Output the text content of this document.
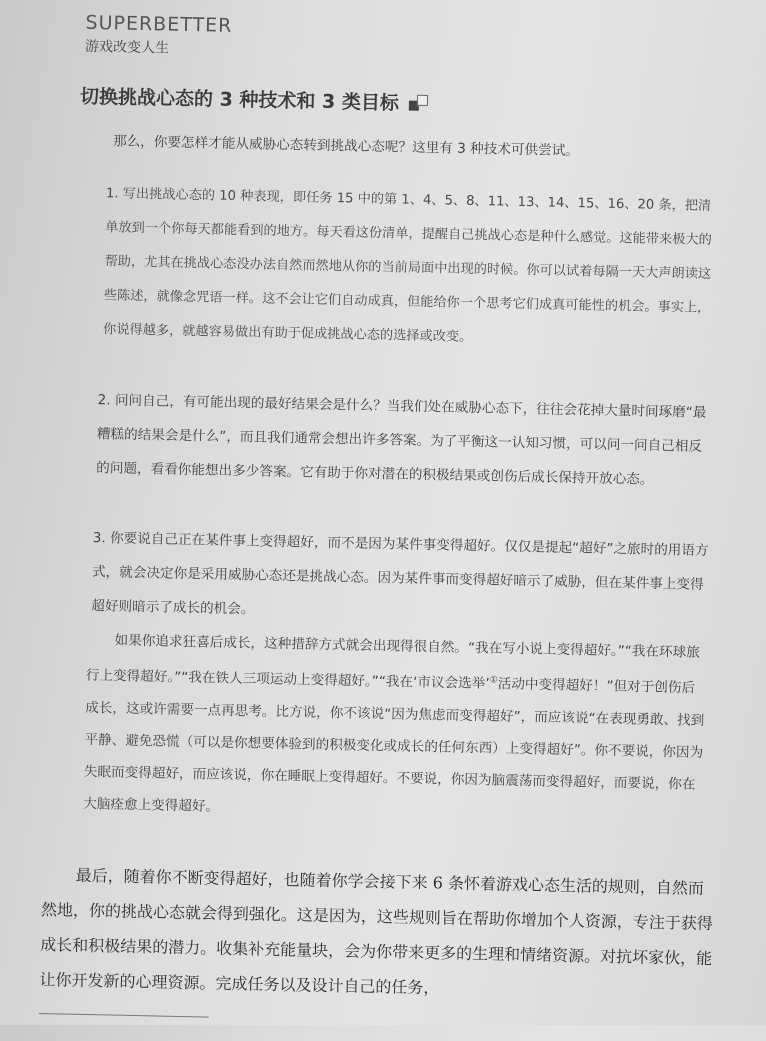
SUPERBETTER
游戏改变人生
切换挑战心态的 3 种技术和 3 类目标

那么，你要怎样才能从威胁心态转到挑战心态呢？这里有 3 种技术可供尝试。

1. 写出挑战心态的 10 种表现，即任务 15 中的第 1、4、5、8、11、13、14、15、16、20 条，把清单放到一个你每天都能看到的地方。每天看这份清单，提醒自己挑战心态是种什么感觉。这能带来极大的帮助，尤其在挑战心态没办法自然而然地从你的当前局面中出现的时候。你可以试着每隔一天大声朗读这些陈述，就像念咒语一样。这不会让它们自动成真，但能给你一个思考它们成真可能性的机会。事实上，你说得越多，就越容易做出有助于促成挑战心态的选择或改变。

2. 问问自己，有可能出现的最好结果会是什么？当我们处在威胁心态下，往往会花掉大量时间琢磨“最糟糕的结果会是什么”，而且我们通常会想出许多答案。为了平衡这一认知习惯，可以问一问自己相反的问题，看看你能想出多少答案。它有助于你对潜在的积极结果或创伤后成长保持开放心态。

3. 你要说自己正在某件事上变得超好，而不是因为某件事变得超好。仅仅是提起“超好”之旅时的用语方式，就会决定你是采用威胁心态还是挑战心态。因为某件事而变得超好暗示了威胁，但在某件事上变得超好则暗示了成长的机会。

如果你追求狂喜后成长，这种措辞方式就会出现得很自然。“我在写小说上变得超好。”“我在环球旅行上变得超好。”“我在铁人三项运动上变得超好。”“我在‘市议会选举’①活动中变得超好！”但对于创伤后成长，这或许需要一点再思考。比方说，你不该说“因为焦虑而变得超好”，而应该说“在表现勇敢、找到平静、避免恐慌（可以是你想要体验到的积极变化或成长的任何东西）上变得超好”。你不要说，你因为失眠而变得超好，而应该说，你在睡眠上变得超好。不要说，你因为脑震荡而变得超好，而要说，你在大脑痊愈上变得超好。

最后，随着你不断变得超好，也随着你学会接下来 6 条怀着游戏心态生活的规则，自然而然地，你的挑战心态就会得到强化。这是因为，这些规则旨在帮助你增加个人资源，专注于获得成长和积极结果的潜力。收集补充能量块，会为你带来更多的生理和情绪资源。对抗坏家伙，能让你开发新的心理资源。完成任务以及设计自己的任务，
